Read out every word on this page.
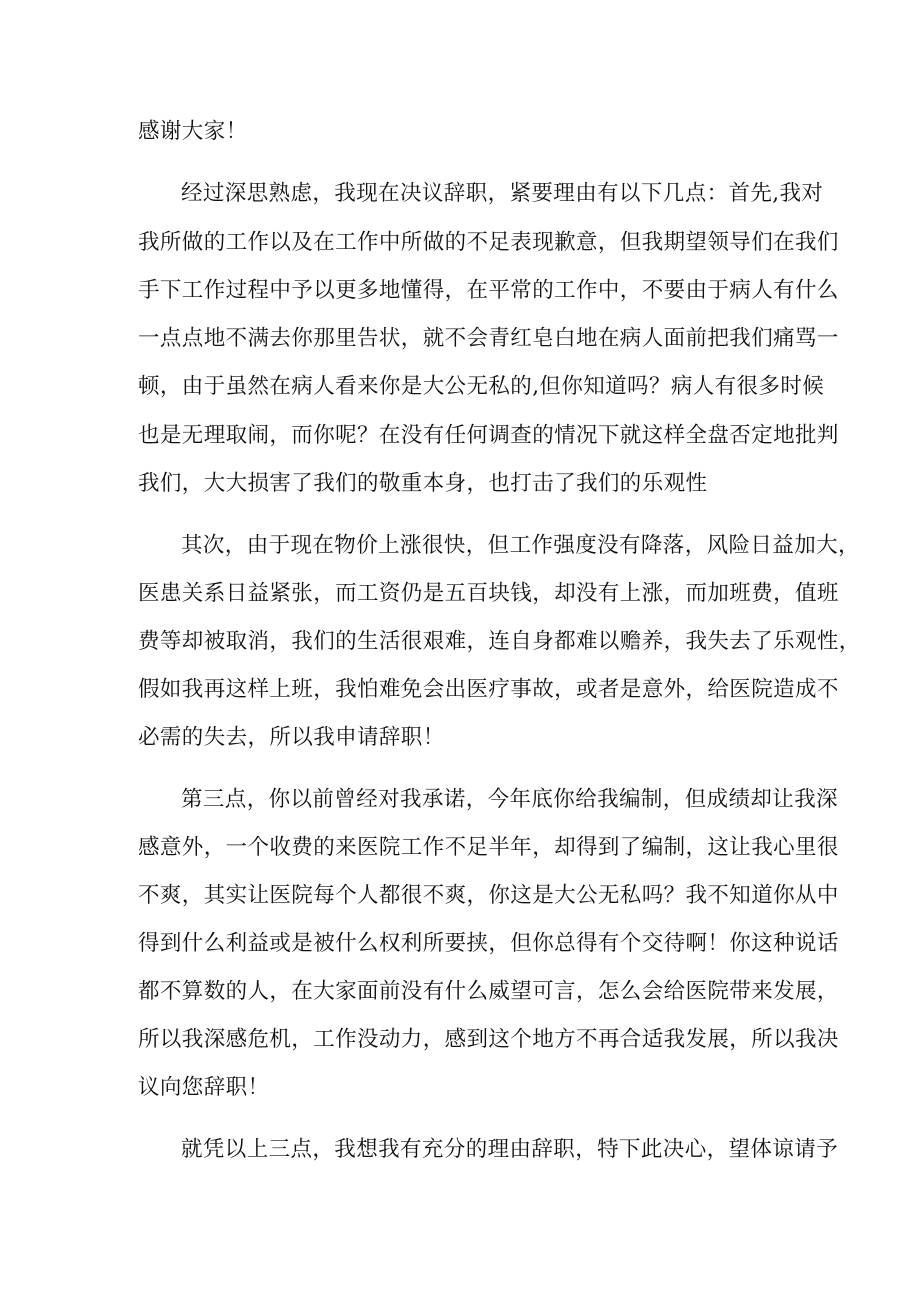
感谢大家！
经过深思熟虑，我现在决议辞职，紧要理由有以下几点：首先,我对
我所做的工作以及在工作中所做的不足表现歉意，但我期望领导们在我们
手下工作过程中予以更多地懂得，在平常的工作中，不要由于病人有什么
一点点地不满去你那里告状，就不会青红皂白地在病人面前把我们痛骂一
顿，由于虽然在病人看来你是大公无私的,但你知道吗？病人有很多时候
也是无理取闹，而你呢？在没有任何调查的情况下就这样全盘否定地批判
我们，大大损害了我们的敬重本身，也打击了我们的乐观性
其次，由于现在物价上涨很快，但工作强度没有降落，风险日益加大，
医患关系日益紧张，而工资仍是五百块钱，却没有上涨，而加班费，值班
费等却被取消，我们的生活很艰难，连自身都难以赡养，我失去了乐观性，
假如我再这样上班，我怕难免会出医疗事故，或者是意外，给医院造成不
必需的失去，所以我申请辞职！
第三点，你以前曾经对我承诺，今年底你给我编制，但成绩却让我深
感意外，一个收费的来医院工作不足半年，却得到了编制，这让我心里很
不爽，其实让医院每个人都很不爽，你这是大公无私吗？我不知道你从中
得到什么利益或是被什么权利所要挟，但你总得有个交待啊！你这种说话
都不算数的人，在大家面前没有什么威望可言，怎么会给医院带来发展，
所以我深感危机，工作没动力，感到这个地方不再合适我发展，所以我决
议向您辞职！
就凭以上三点，我想我有充分的理由辞职，特下此决心，望体谅请予
